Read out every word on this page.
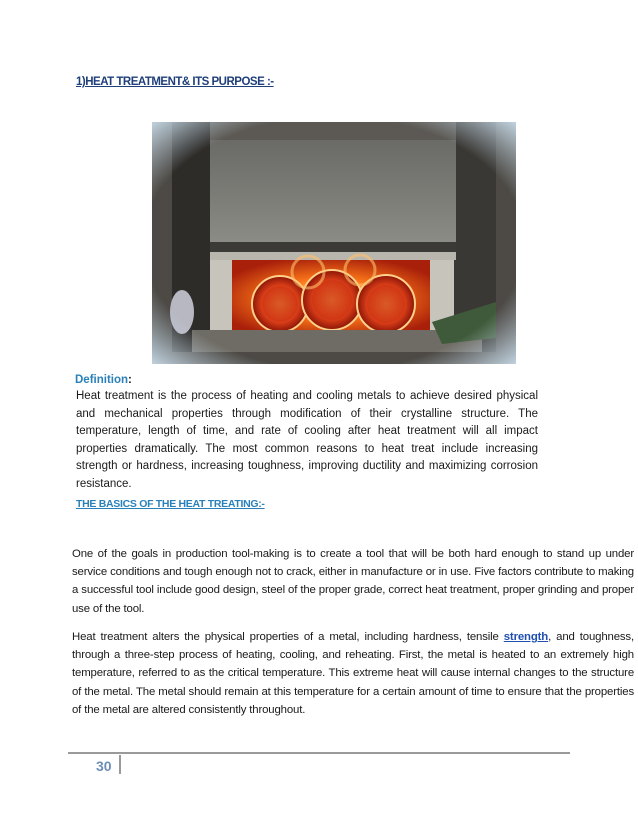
1)HEAT TREATMENT& ITS PURPOSE :-
Definition:

Heat treatment is the process of heating and cooling metals to achieve desired physical and mechanical properties through modification of their crystalline structure. The temperature, length of time, and rate of cooling after heat treatment will all impact properties dramatically. The most common reasons to heat treat include increasing strength or hardness, increasing toughness, improving ductility and maximizing corrosion resistance.

THE BASICS OF THE HEAT TREATING:-

One of the goals in production tool-making is to create a tool that will be both hard enough to stand up under service conditions and tough enough not to crack, either in manufacture or in use. Five factors contribute to making a successful tool include good design, steel of the proper grade, correct heat treatment, proper grinding and proper use of the tool.

Heat treatment alters the physical properties of a metal, including hardness, tensile strength, and toughness, through a three-step process of heating, cooling, and reheating. First, the metal is heated to an extremely high temperature, referred to as the critical temperature. This extreme heat will cause internal changes to the structure of the metal. The metal should remain at this temperature for a certain amount of time to ensure that the properties of the metal are altered consistently throughout.

30
